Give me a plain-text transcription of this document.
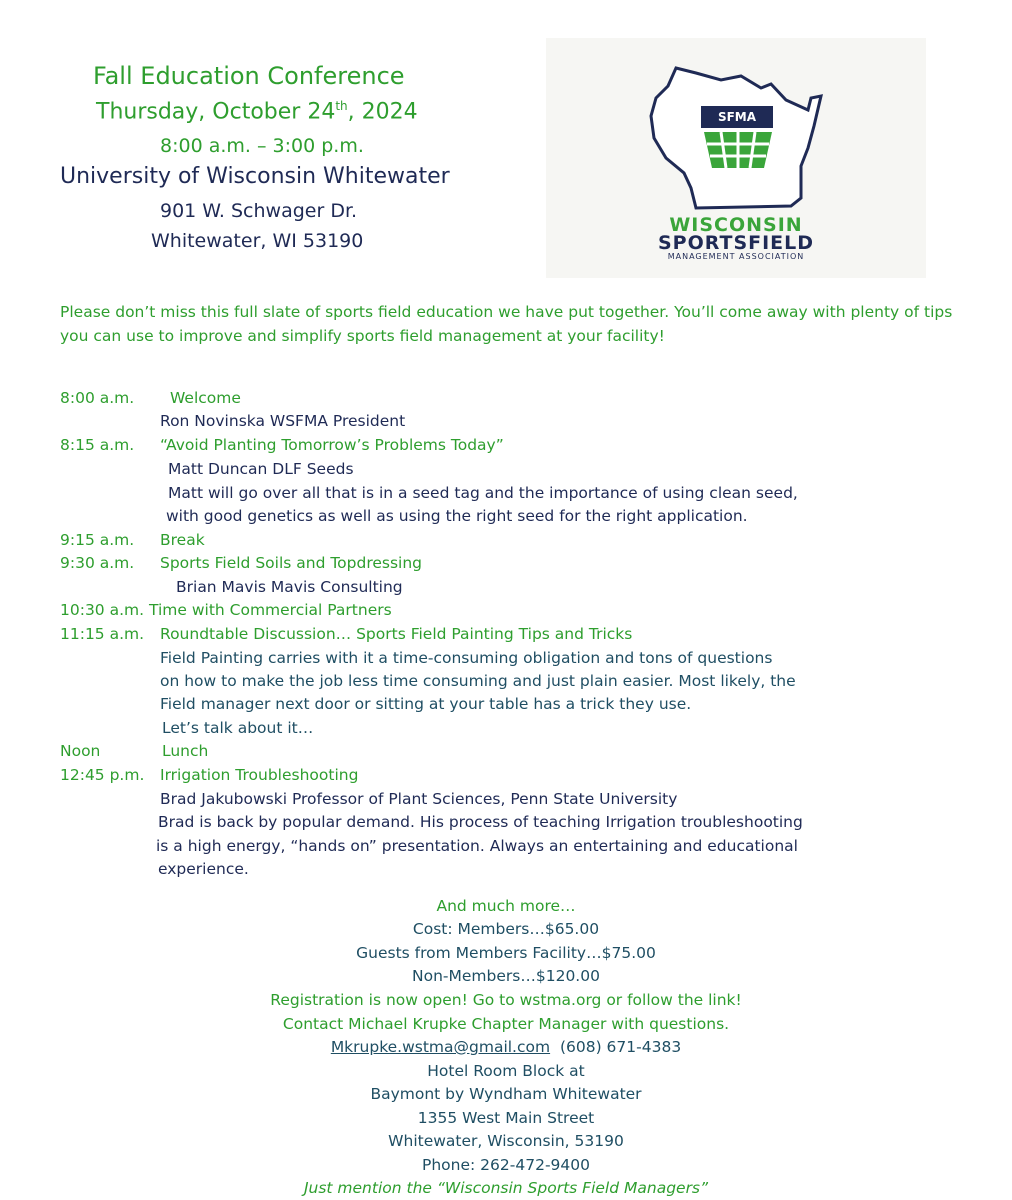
Fall Education Conference
Thursday, October 24th, 2024
8:00 a.m. – 3:00 p.m.
University of Wisconsin Whitewater
901 W. Schwager Dr.
Whitewater, WI 53190
SFMA
WISCONSIN
SPORTSFIELD
MANAGEMENT ASSOCIATION
Please don’t miss this full slate of sports field education we have put together. You’ll come away with plenty of tips you can use to improve and simplify sports field management at your facility!
8:00 a.m. Welcome
Ron Novinska WSFMA President
8:15 a.m. “Avoid Planting Tomorrow’s Problems Today”
Matt Duncan DLF Seeds
Matt will go over all that is in a seed tag and the importance of using clean seed,
with good genetics as well as using the right seed for the right application.
9:15 a.m. Break
9:30 a.m. Sports Field Soils and Topdressing
Brian Mavis Mavis Consulting
10:30 a.m. Time with Commercial Partners
11:15 a.m. Roundtable Discussion… Sports Field Painting Tips and Tricks
Field Painting carries with it a time-consuming obligation and tons of questions
on how to make the job less time consuming and just plain easier. Most likely, the
Field manager next door or sitting at your table has a trick they use.
Let’s talk about it…
Noon	Lunch
12:45 p.m. Irrigation Troubleshooting
Brad Jakubowski Professor of Plant Sciences, Penn State University
Brad is back by popular demand. His process of teaching Irrigation troubleshooting
is a high energy, “hands on” presentation. Always an entertaining and educational
experience.
And much more…
Cost: Members…$65.00
Guests from Members Facility…$75.00
Non-Members…$120.00
Registration is now open! Go to wstma.org or follow the link!
Contact Michael Krupke Chapter Manager with questions.
Mkrupke.wstma@gmail.com (608) 671-4383
Hotel Room Block at
Baymont by Wyndham Whitewater
1355 West Main Street
Whitewater, Wisconsin, 53190
Phone: 262-472-9400
Just mention the “Wisconsin Sports Field Managers”
